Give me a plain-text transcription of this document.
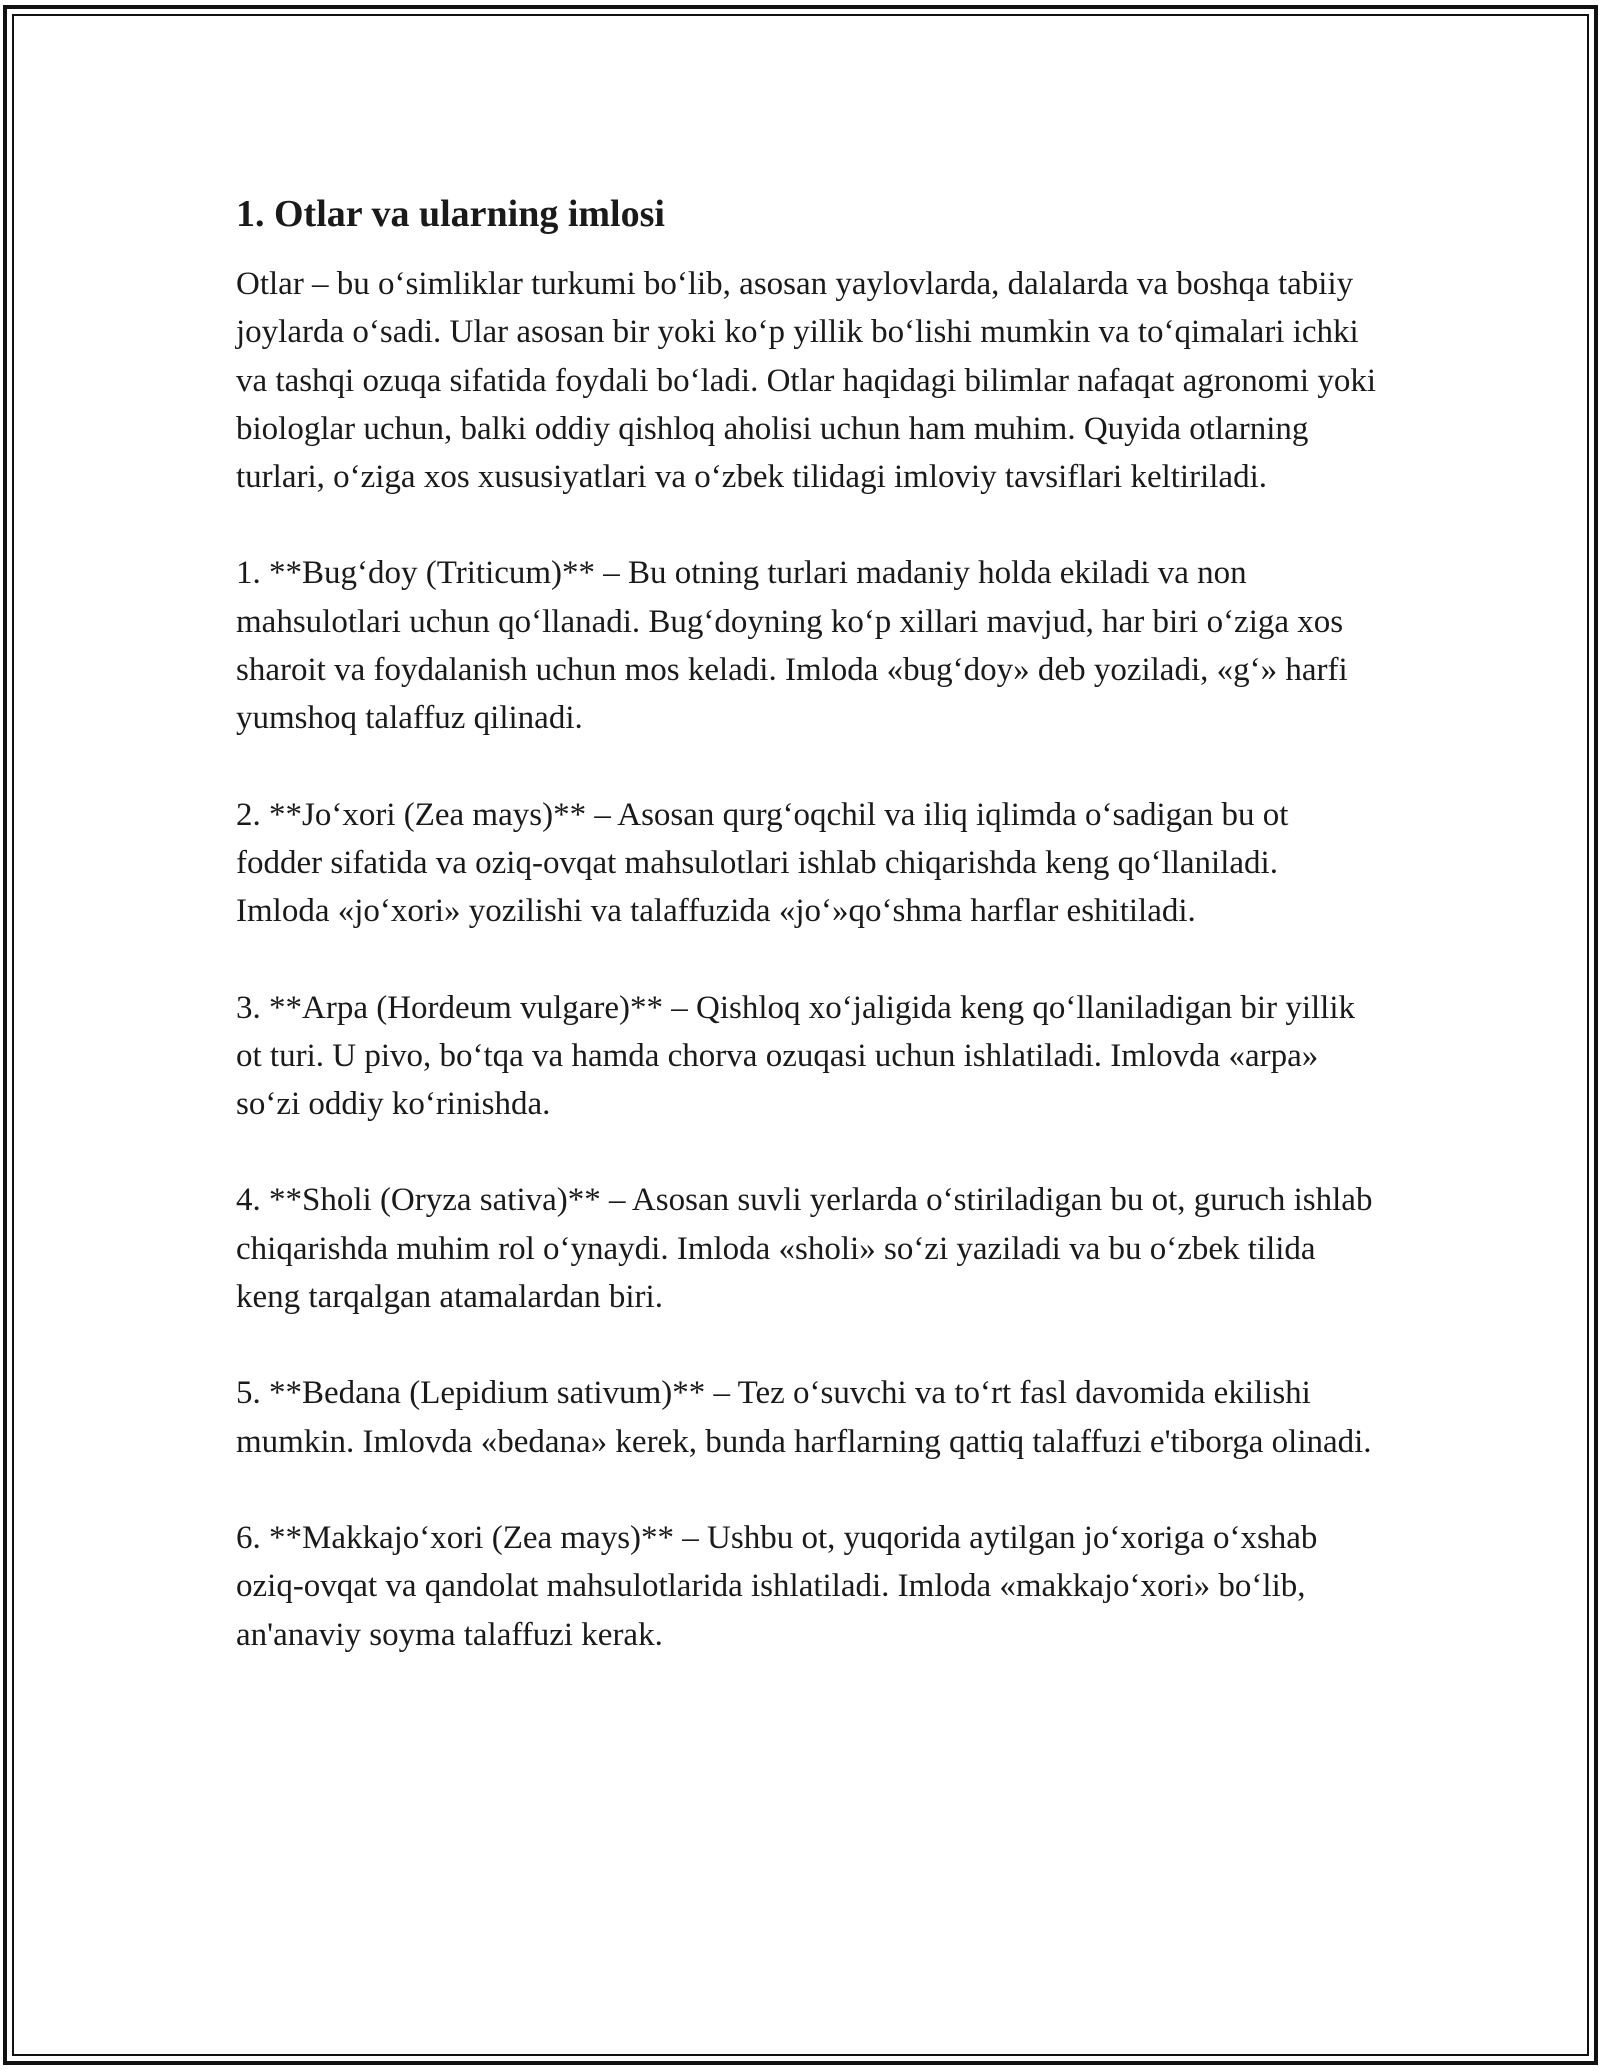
1. Otlar va ularning imlosi

Otlar – bu o‘simliklar turkumi bo‘lib, asosan yaylovlarda, dalalarda va boshqa tabiiy joylarda o‘sadi. Ular asosan bir yoki ko‘p yillik bo‘lishi mumkin va to‘qimalari ichki va tashqi ozuqa sifatida foydali bo‘ladi. Otlar haqidagi bilimlar nafaqat agronomi yoki biologlar uchun, balki oddiy qishloq aholisi uchun ham muhim. Quyida otlarning turlari, o‘ziga xos xususiyatlari va o‘zbek tilidagi imloviy tavsiflari keltiriladi.

1. **Bug‘doy (Triticum)** – Bu otning turlari madaniy holda ekiladi va non mahsulotlari uchun qo‘llanadi. Bug‘doyning ko‘p xillari mavjud, har biri o‘ziga xos sharoit va foydalanish uchun mos keladi. Imloda «bug‘doy» deb yoziladi, «g‘» harfi yumshoq talaffuz qilinadi.

2. **Jo‘xori (Zea mays)** – Asosan qurg‘oqchil va iliq iqlimda o‘sadigan bu ot fodder sifatida va oziq-ovqat mahsulotlari ishlab chiqarishda keng qo‘llaniladi. Imloda «jo‘xori» yozilishi va talaffuzida «jo‘»qo‘shma harflar eshitiladi.

3. **Arpa (Hordeum vulgare)** – Qishloq xo‘jaligida keng qo‘llaniladigan bir yillik ot turi. U pivo, bo‘tqa va hamda chorva ozuqasi uchun ishlatiladi. Imlovda «arpa» so‘zi oddiy ko‘rinishda.

4. **Sholi (Oryza sativa)** – Asosan suvli yerlarda o‘stiriladigan bu ot, guruch ishlab chiqarishda muhim rol o‘ynaydi. Imloda «sholi» so‘zi yaziladi va bu o‘zbek tilida keng tarqalgan atamalardan biri.

5. **Bedana (Lepidium sativum)** – Tez o‘suvchi va to‘rt fasl davomida ekilishi mumkin. Imlovda «bedana» kerek, bunda harflarning qattiq talaffuzi e'tiborga olinadi.

6. **Makkajo‘xori (Zea mays)** – Ushbu ot, yuqorida aytilgan jo‘xoriga o‘xshab oziq-ovqat va qandolat mahsulotlarida ishlatiladi. Imloda «makkajo‘xori» bo‘lib, an'anaviy soyma talaffuzi kerak.
